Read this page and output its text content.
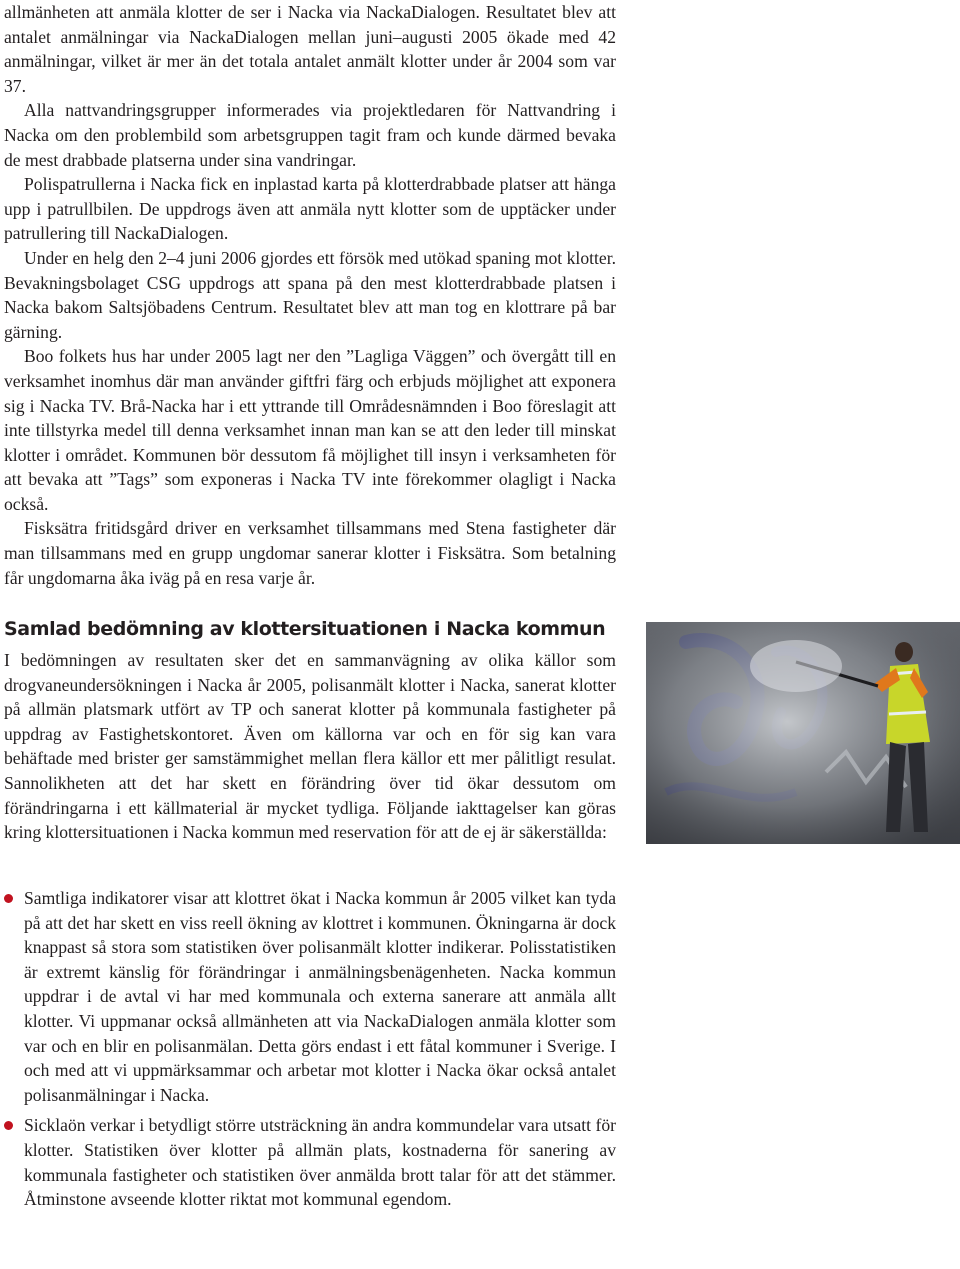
allmänheten att anmäla klotter de ser i Nacka via NackaDialogen. Resultatet blev att antalet anmälningar via NackaDialogen mellan juni–augusti 2005 ökade med 42 anmälningar, vilket är mer än det totala antalet anmält klotter under år 2004 som var 37.

Alla nattvandringsgrupper informerades via projektledaren för Nattvandring i Nacka om den problembild som arbetsgruppen tagit fram och kunde därmed bevaka de mest drabbade platserna under sina vandringar.

Polispatrullerna i Nacka fick en inplastad karta på klotterdrabbade platser att hänga upp i patrullbilen. De uppdrogs även att anmäla nytt klotter som de upptäcker under patrullering till NackaDialogen.

Under en helg den 2–4 juni 2006 gjordes ett försök med utökad spaning mot klotter. Bevakningsbolaget CSG uppdrogs att spana på den mest klotterdrabbade platsen i Nacka bakom Saltsjöbadens Centrum. Resultatet blev att man tog en klottrare på bar gärning.

Boo folkets hus har under 2005 lagt ner den ”Lagliga Väggen” och övergått till en verksamhet inomhus där man använder giftfri färg och erbjuds möjlighet att exponera sig i Nacka TV. Brå-Nacka har i ett yttrande till Områdesnämnden i Boo föreslagit att inte tillstyrka medel till denna verksamhet innan man kan se att den leder till minskat klotter i området. Kommunen bör dessutom få möjlighet till insyn i verksamheten för att bevaka att ”Tags” som exponeras i Nacka TV inte förekommer olagligt i Nacka också.

Fisksätra fritidsgård driver en verksamhet tillsammans med Stena fastigheter där man tillsammans med en grupp ungdomar sanerar klotter i Fisksätra. Som betalning får ungdomarna åka iväg på en resa varje år.

Samlad bedömning av klottersituationen i Nacka kommun

I bedömningen av resultaten sker det en sammanvägning av olika källor som drogvaneundersökningen i Nacka år 2005, polisanmält klotter i Nacka, sanerat klotter på allmän platsmark utfört av TP och sanerat klotter på kommunala fastigheter på uppdrag av Fastighetskontoret. Även om källorna var och en för sig kan vara behäftade med brister ger samstämmighet mellan flera källor ett mer pålitligt resulat. Sannolikheten att det har skett en förändring över tid ökar dessutom om förändringarna i ett källmaterial är mycket tydliga. Följande iakttagelser kan göras kring klottersituationen i Nacka kommun med reservation för att de ej är säkerställda:

Samtliga indikatorer visar att klottret ökat i Nacka kommun år 2005 vilket kan tyda på att det har skett en viss reell ökning av klottret i kommunen. Ökningarna är dock knappast så stora som statistiken över polisanmält klotter indikerar. Polisstatistiken är extremt känslig för förändringar i anmälningsbenägenheten. Nacka kommun uppdrar i de avtal vi har med kommunala och externa sanerare att anmäla allt klotter. Vi uppmanar också allmänheten att via NackaDialogen anmäla klotter som var och en blir en polisanmälan. Detta görs endast i ett fåtal kommuner i Sverige. I och med att vi uppmärksammar och arbetar mot klotter i Nacka ökar också antalet polisanmälningar i Nacka.
Sicklaön verkar i betydligt större utsträckning än andra kommundelar vara utsatt för klotter. Statistiken över klotter på allmän plats, kostnaderna för sanering av kommunala fastigheter och statistiken över anmälda brott talar för att det stämmer. Åtminstone avseende klotter riktat mot kommunal egendom.
